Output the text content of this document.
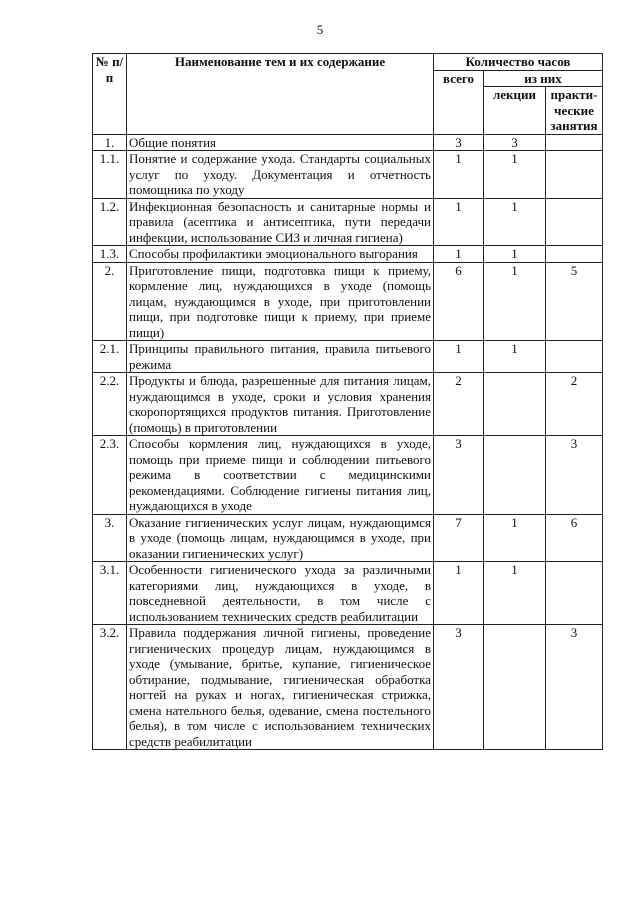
5
№ п/п	Наименование тем и их содержание	Количество часов		
		всего	из них	
			лекции	практи-ческие занятия
1.	Общие понятия	3	3	
1.1.	Понятие и содержание ухода. Стандарты социальных услуг по уходу. Документация и отчетность помощника по уходу	1	1	
1.2.	Инфекционная безопасность и санитарные нормы и правила (асептика и антисептика, пути передачи инфекции, использование СИЗ и личная гигиена)	1	1	
1.3.	Способы профилактики эмоционального выгорания	1	1	
2.	Приготовление пищи, подготовка пищи к приему, кормление лиц, нуждающихся в уходе (помощь лицам, нуждающимся в уходе, при приготовлении пищи, при подготовке пищи к приему, при приеме пищи)	6	1	5
2.1.	Принципы правильного питания, правила питьевого режима	1	1	
2.2.	Продукты и блюда, разрешенные для питания лицам, нуждающимся в уходе, сроки и условия хранения скоропортящихся продуктов питания. Приготовление (помощь) в приготовлении	2		2
2.3.	Способы кормления лиц, нуждающихся в уходе, помощь при приеме пищи и соблюдении питьевого режима в соответствии с медицинскими рекомендациями. Соблюдение гигиены питания лиц, нуждающихся в уходе	3		3
3.	Оказание гигиенических услуг лицам, нуждающимся в уходе (помощь лицам, нуждающимся в уходе, при оказании гигиенических услуг)	7	1	6
3.1.	Особенности гигиенического ухода за различными категориями лиц, нуждающихся в уходе, в повседневной деятельности, в том числе с использованием технических средств реабилитации	1	1	
3.2.	Правила поддержания личной гигиены, проведение гигиенических процедур лицам, нуждающимся в уходе (умывание, бритье, купание, гигиеническое обтирание, подмывание, гигиеническая обработка ногтей на руках и ногах, гигиеническая стрижка, смена нательного белья, одевание, смена постельного белья), в том числе с использованием технических средств реабилитации	3		3
